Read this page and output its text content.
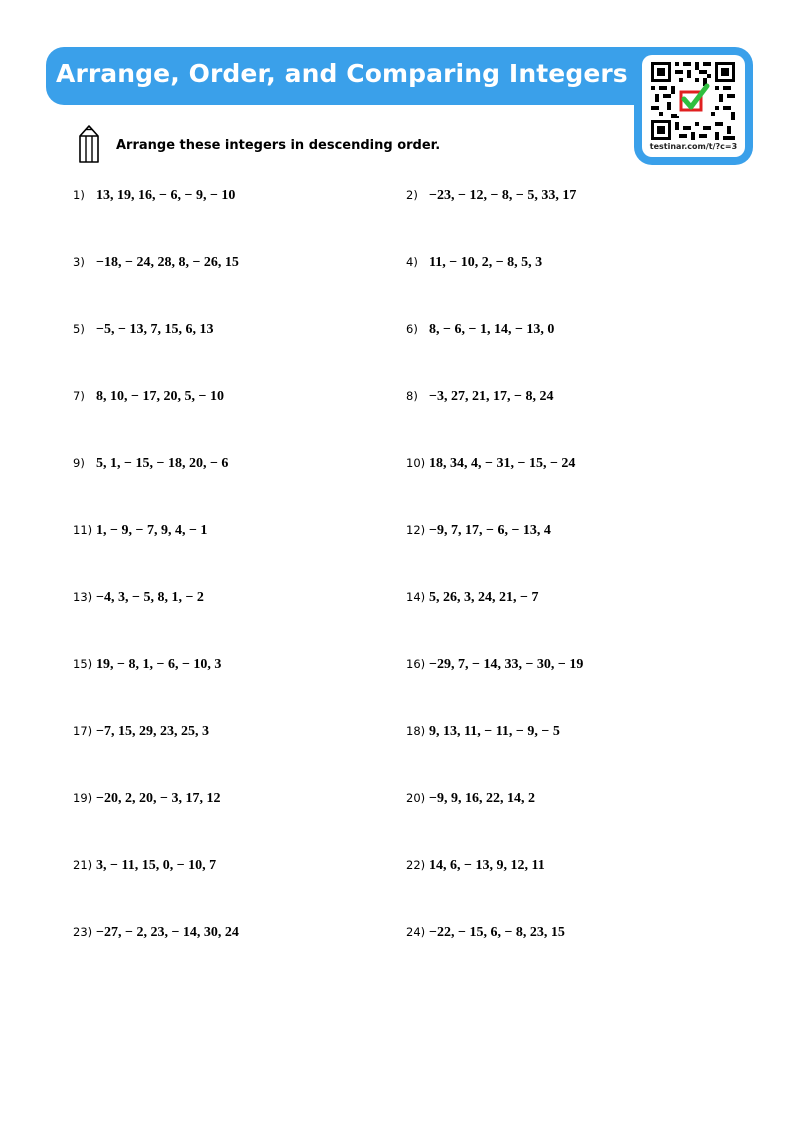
Arrange, Order, and Comparing Integers
testinar.com/t/?c=3
Arrange these integers in descending order.
1) 13, 19, 16, − 6, − 9, − 10	2) −23, − 12, − 8, − 5, 33, 17
3) −18, − 24, 28, 8, − 26, 15	4) 11, − 10, 2, − 8, 5, 3
5) −5, − 13, 7, 15, 6, 13	6) 8, − 6, − 1, 14, − 13, 0
7) 8, 10, − 17, 20, 5, − 10	8) −3, 27, 21, 17, − 8, 24
9) 5, 1, − 15, − 18, 20, − 6	10) 18, 34, 4, − 31, − 15, − 24
11) 1, − 9, − 7, 9, 4, − 1	12) −9, 7, 17, − 6, − 13, 4
13) −4, 3, − 5, 8, 1, − 2	14) 5, 26, 3, 24, 21, − 7
15) 19, − 8, 1, − 6, − 10, 3	16) −29, 7, − 14, 33, − 30, − 19
17) −7, 15, 29, 23, 25, 3	18) 9, 13, 11, − 11, − 9, − 5
19) −20, 2, 20, − 3, 17, 12	20) −9, 9, 16, 22, 14, 2
21) 3, − 11, 15, 0, − 10, 7	22) 14, 6, − 13, 9, 12, 11
23) −27, − 2, 23, − 14, 30, 24	24) −22, − 15, 6, − 8, 23, 15
